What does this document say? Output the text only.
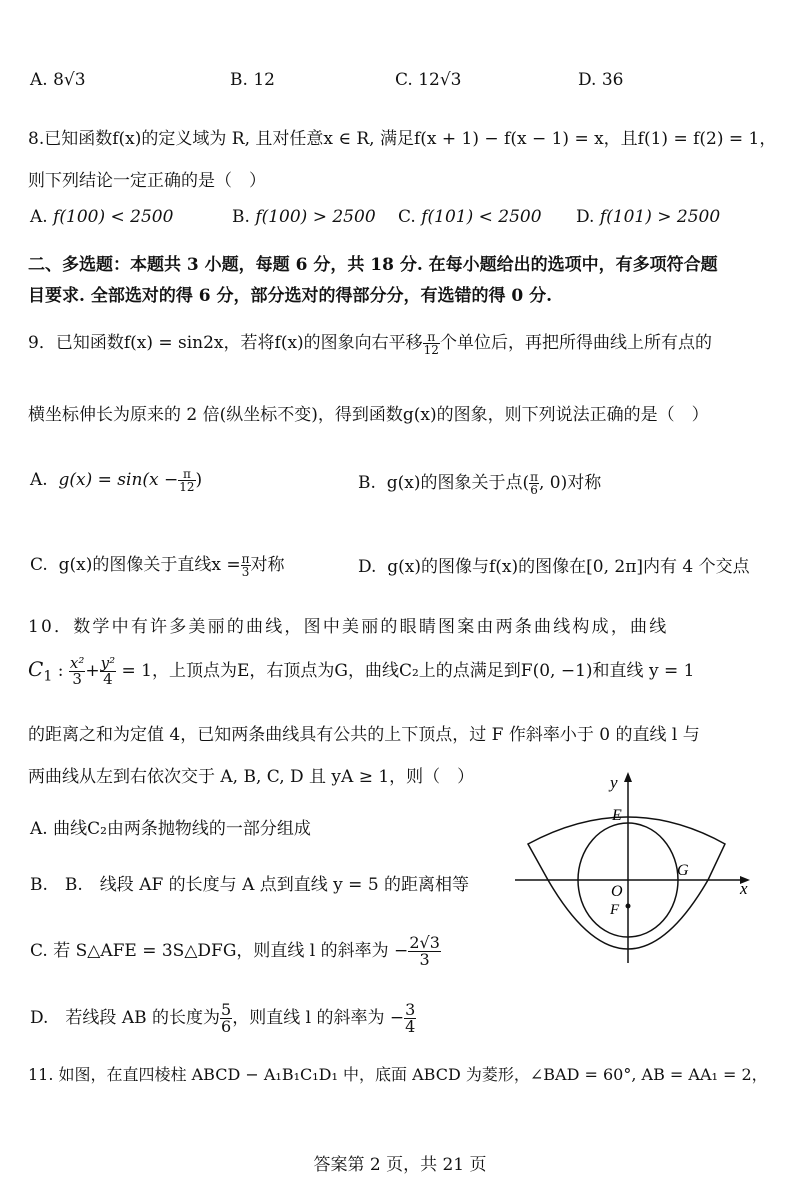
A. 8√3	B. 12	C. 12√3	D. 36
8.已知函数f(x)的定义域为 R, 且对任意x ∈ R, 满足f(x + 1) − f(x − 1) = x，且f(1) = f(2) = 1，
则下列结论一定正确的是（　）
A. f(100) < 2500	B. f(100) > 2500 C. f(101) < 2500 D. f(101) > 2500
二、多选题：本题共 3 小题，每题 6 分，共 18 分. 在每小题给出的选项中，有多项符合题
目要求. 全部选对的得 6 分，部分选对的得部分分，有选错的得 0 分.
9．已知函数f(x) = sin2x，若将f(x)的图象向右平移 $\frac{\pi}{12}$ 个单位后，再把所得曲线上所有点的
横坐标伸长为原来的 2 倍(纵坐标不变)，得到函数g(x)的图象，则下列说法正确的是（　）
A. $g(x) = \sin(x - \frac{\pi}{12}$ )	B. g(x)的图象关于点( $\frac{\pi}{6}$ , 0)对称
C. g(x)的图像关于直线$x = \frac{\pi}{3}$ 对称	D. g(x)的图像与f(x)的图像在[0, 2π]内有 4 个交点
10．数学中有许多美丽的曲线，图中美丽的眼睛图案由两条曲线构成，曲线
$C_1$ : $\frac{\text{x²}}{3} + \frac{\text{y²}}{4} = 1$，上顶点为E，右顶点为G，曲线C₂上的点满足到F(0, −1)和直线 y = 1
的距离之和为定值 4，已知两条曲线具有公共的上下顶点，过 F 作斜率小于 0 的直线 l 与
两曲线从左到右依次交于 A, B, C, D 且 yA ≥ 1，则（　）
A. 曲线C₂由两条抛物线的一部分组成
B.　B.　线段 AF 的长度与 A 点到直线 y = 5 的距离相等
C. 若 S△AFE = 3S△DFG，则直线 l 的斜率为 − $\frac{2√3}{3}$
D.　若线段 AB 的长度为 $\frac{5}{6}$ ，则直线 l 的斜率为 − $\frac{3}{4}$
y
x
E
G
O
F
11. 如图，在直四棱柱 ABCD − A₁B₁C₁D₁ 中，底面 ABCD 为菱形，∠BAD = 60°, AB = AA₁ = 2，
答案第 2 页，共 21 页
